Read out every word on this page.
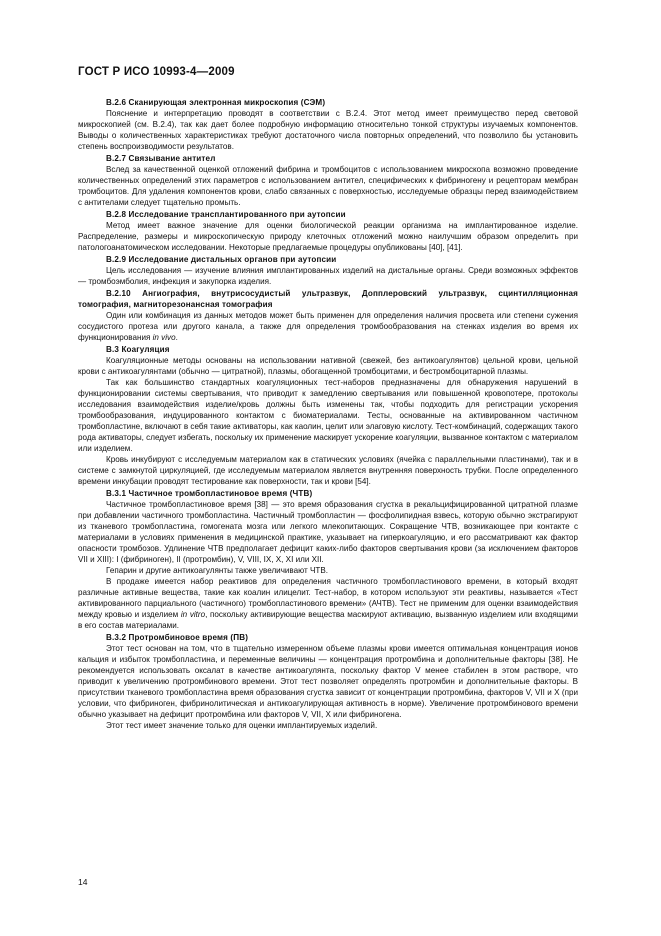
ГОСТ Р ИСО 10993-4—2009
В.2.6 Сканирующая электронная микроскопия (СЭМ)

Пояснение и интерпретацию проводят в соответствии с В.2.4. Этот метод имеет преимущество перед световой микроскопией (см. В.2.4), так как дает более подробную информацию относительно тонкой структуры изучаемых компонентов. Выводы о количественных характеристиках требуют достаточного числа повторных определений, что позволило бы установить степень воспроизводимости результатов.

В.2.7 Связывание антител

Вслед за качественной оценкой отложений фибрина и тромбоцитов с использованием микроскопа возможно проведение количественных определений этих параметров с использованием антител, специфических к фибриногену и рецепторам мембран тромбоцитов. Для удаления компонентов крови, слабо связанных с поверхностью, исследуемые образцы перед взаимодействием с антителами следует тщательно промыть.

В.2.8 Исследование трансплантированного при аутопсии

Метод имеет важное значение для оценки биологической реакции организма на имплантированное изделие. Распределение, размеры и микроскопическую природу клеточных отложений можно наилучшим образом определить при патологоанатомическом исследовании. Некоторые предлагаемые процедуры опубликованы [40], [41].

В.2.9 Исследование дистальных органов при аутопсии

Цель исследования — изучение влияния имплантированных изделий на дистальные органы. Среди возможных эффектов — тромбоэмболия, инфекция и закупорка изделия.

В.2.10 Ангиография, внутрисосудистый ультразвук, Допплеровский ультразвук, сцинтилляционная томография, магниторезонансная томография

Один или комбинация из данных методов может быть применен для определения наличия просвета или степени сужения сосудистого протеза или другого канала, а также для определения тромбообразования на стенках изделия во время их функционирования in vivo.

В.3 Коагуляция

Коагуляционные методы основаны на использовании нативной (свежей, без антикоагулянтов) цельной крови, цельной крови с антикоагулянтами (обычно — цитратной), плазмы, обогащенной тромбоцитами, и бестромбоцитарной плазмы.

Так как большинство стандартных коагуляционных тест-наборов предназначены для обнаружения нарушений в функционировании системы свертывания, что приводит к замедлению свертывания или повышенной кровопотере, протоколы исследования взаимодействия изделие/кровь должны быть изменены так, чтобы подходить для регистрации ускорения тромбообразования, индуцированного контактом с биоматериалами. Тесты, основанные на активированном частичном тромбопластине, включают в себя такие активаторы, как каолин, целит или элаговую кислоту. Тест-комбинаций, содержащих такого рода активаторы, следует избегать, поскольку их применение маскирует ускорение коагуляции, вызванное контактом с материалом или изделием.

Кровь инкубируют с исследуемым материалом как в статических условиях (ячейка с параллельными пластинами), так и в системе с замкнутой циркуляцией, где исследуемым материалом является внутренняя поверхность трубки. После определенного времени инкубации проводят тестирование как поверхности, так и крови [54].

В.3.1 Частичное тромбопластиновое время (ЧТВ)

Частичное тромбопластиновое время [38] — это время образования сгустка в рекальцифицированной цитратной плазме при добавлении частичного тромбопластина. Частичный тромбопластин — фосфолипидная взвесь, которую обычно экстрагируют из тканевого тромбопластина, гомогената мозга или легкого млекопитающих. Сокращение ЧТВ, возникающее при контакте с материалами в условиях применения в медицинской практике, указывает на гиперкоагуляцию, и его рассматривают как фактор опасности тромбозов. Удлинение ЧТВ предполагает дефицит каких-либо факторов свертывания крови (за исключением факторов VII и XIII): I (фибриноген), II (протромбин), V, VIII, IX, X, XI или XII.

Гепарин и другие антикоагулянты также увеличивают ЧТВ.

В продаже имеется набор реактивов для определения частичного тромбопластинового времени, в который входят различные активные вещества, такие как коалин илицелит. Тест-набор, в котором используют эти реактивы, называется «Тест активированного парциального (частичного) тромбопластинового времени» (АЧТВ). Тест не применим для оценки взаимодействия между кровью и изделием in vitro, поскольку активирующие вещества маскируют активацию, вызванную изделием или входящими в его состав материалами.

В.3.2 Протромбиновое время (ПВ)

Этот тест основан на том, что в тщательно измеренном объеме плазмы крови имеется оптимальная концентрация ионов кальция и избыток тромбопластина, и переменные величины — концентрация протромбина и дополнительные факторы [38]. Не рекомендуется использовать оксалат в качестве антикоагулянта, поскольку фактор V менее стабилен в этом растворе, что приводит к увеличению протромбинового времени. Этот тест позволяет определять протромбин и дополнительные факторы. В присутствии тканевого тромбопластина время образования сгустка зависит от концентрации протромбина, факторов V, VII и X (при условии, что фибриноген, фибринолитическая и антикоагулирующая активность в норме). Увеличение протромбинового времени обычно указывает на дефицит протромбина или факторов V, VII, X или фибриногена.

Этот тест имеет значение только для оценки имплантируемых изделий.

14
